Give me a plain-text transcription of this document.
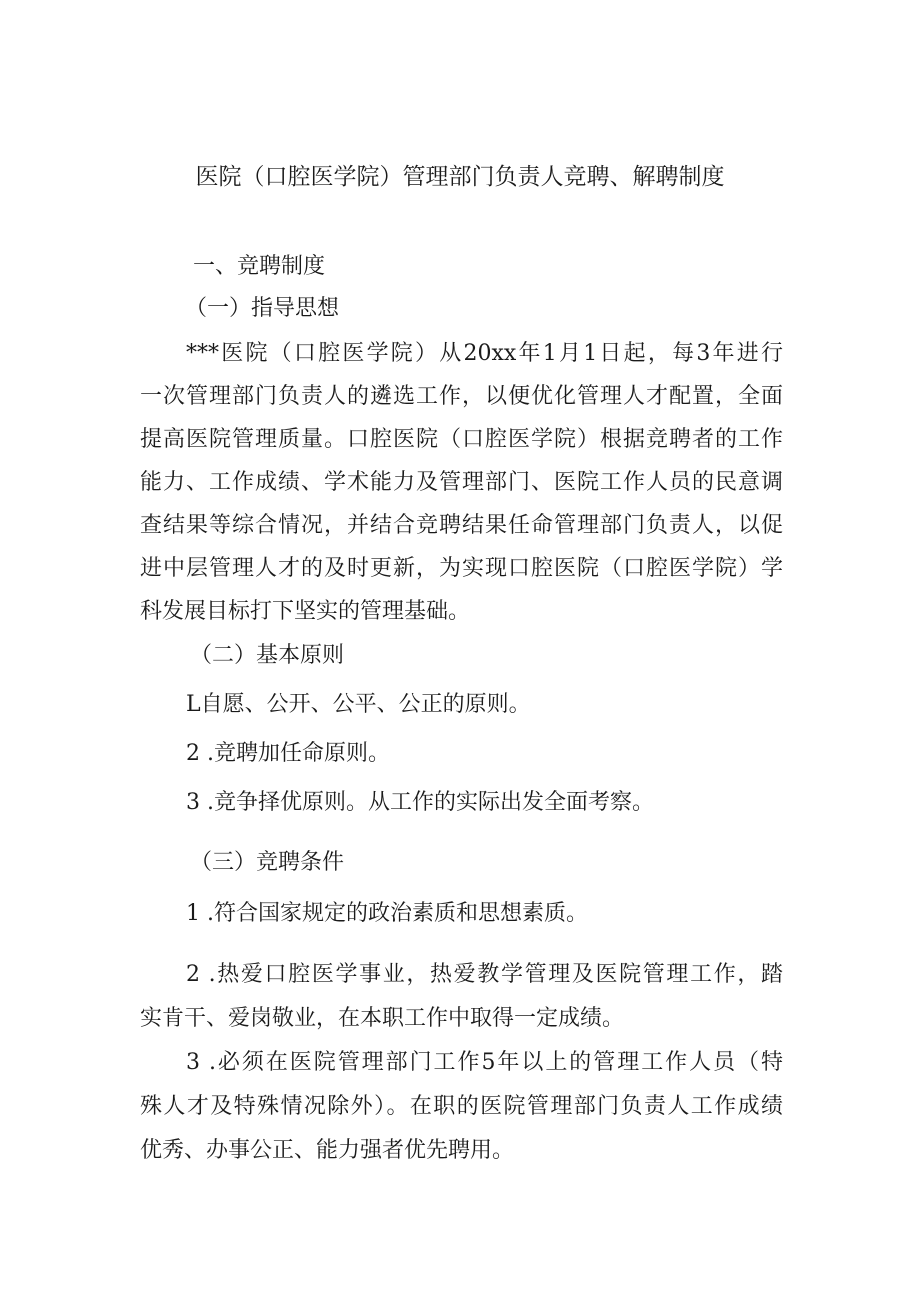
医院（口腔医学院）管理部门负责人竞聘、解聘制度
一、竞聘制度
（一）指导思想
***医院（口腔医学院）从20xx年1月1日起，每3年进行
一次管理部门负责人的遴选工作，以便优化管理人才配置，全面
提高医院管理质量。口腔医院（口腔医学院）根据竞聘者的工作
能力、工作成绩、学术能力及管理部门、医院工作人员的民意调
查结果等综合情况，并结合竞聘结果任命管理部门负责人，以促
进中层管理人才的及时更新，为实现口腔医院（口腔医学院）学
科发展目标打下坚实的管理基础。
（二）基本原则
L自愿、公开、公平、公正的原则。
2 .竞聘加任命原则。
3 .竞争择优原则。从工作的实际出发全面考察。
（三）竞聘条件
1 .符合国家规定的政治素质和思想素质。
2 .热爱口腔医学事业，热爱教学管理及医院管理工作，踏
实肯干、爱岗敬业，在本职工作中取得一定成绩。
3 .必须在医院管理部门工作5年以上的管理工作人员（特
殊人才及特殊情况除外）。在职的医院管理部门负责人工作成绩
优秀、办事公正、能力强者优先聘用。
